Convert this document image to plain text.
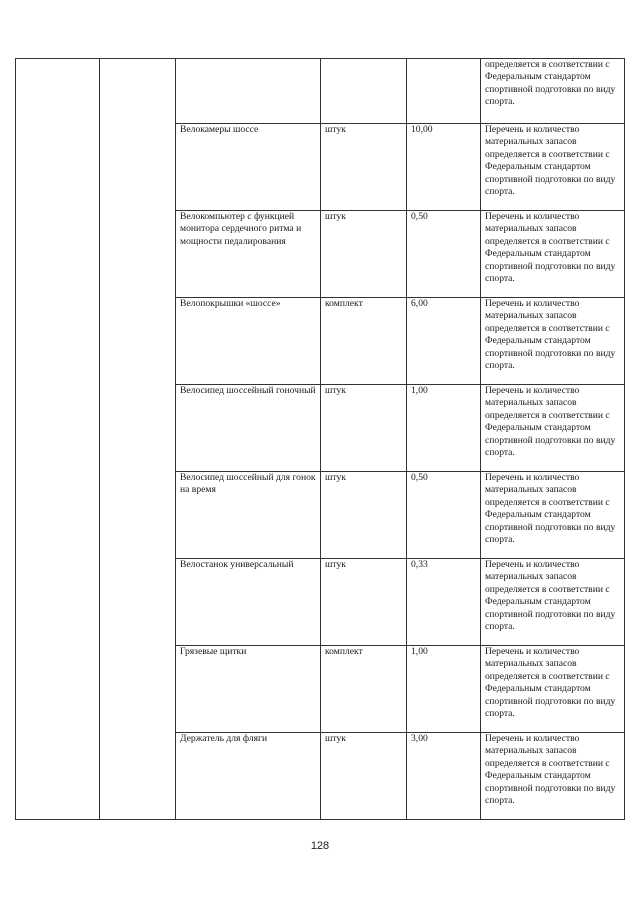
					определяется в соответствии с Федеральным стандартом спортивной подготовки по виду спорта.
		Велокамеры шоссе	штук	10,00	Перечень и количество материальных запасов определяется в соответствии с Федеральным стандартом спортивной подготовки по виду спорта.
		Велокомпьютер с функцией монитора сердечного ритма и мощности педалирования	штук	0,50	Перечень и количество материальных запасов определяется в соответствии с Федеральным стандартом спортивной подготовки по виду спорта.
		Велопокрышки «шоссе»	комплект	6,00	Перечень и количество материальных запасов определяется в соответствии с Федеральным стандартом спортивной подготовки по виду спорта.
		Велосипед шоссейный гоночный	штук	1,00	Перечень и количество материальных запасов определяется в соответствии с Федеральным стандартом спортивной подготовки по виду спорта.
		Велосипед шоссейный для гонок на время	штук	0,50	Перечень и количество материальных запасов определяется в соответствии с Федеральным стандартом спортивной подготовки по виду спорта.
		Велостанок универсальный	штук	0,33	Перечень и количество материальных запасов определяется в соответствии с Федеральным стандартом спортивной подготовки по виду спорта.
		Грязевые щитки	комплект	1,00	Перечень и количество материальных запасов определяется в соответствии с Федеральным стандартом спортивной подготовки по виду спорта.
		Держатель для фляги	штук	3,00	Перечень и количество материальных запасов определяется в соответствии с Федеральным стандартом спортивной подготовки по виду спорта.
128
